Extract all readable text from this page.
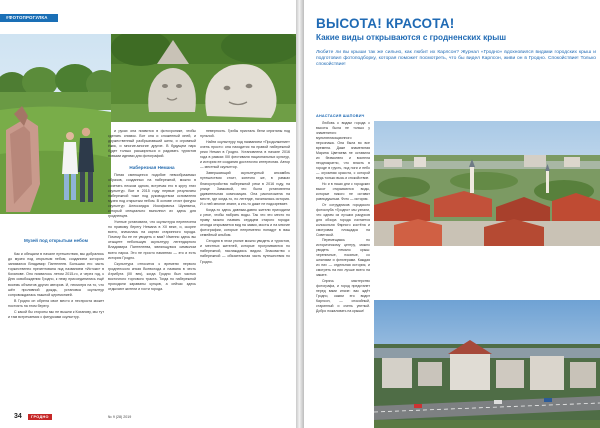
#ФОТОПРОГУЛКА
Музей под открытым небом

Как и обещали в начале путешествия, мы добрались до музея под открытым небом, созданием которого занимался Владимир Пантелеев. Большая его часть торжественно презентована под названием «Истоки» в Коханове. Оно появилось летом 2015-го, и через год, к Дню освобождения Гродно, к нему присоединились ещё восемь объектов других авторов. И, несмотря на то, что шёл проливной дождь, установка скульптур сопровождалась пышной церемонией.

В Гродно он обрела свое место и неспроста может постоять на этом берегу.

С какой бы стороны мы не вышли к Коханову, мы тут и там встречаемся с фигурками скульптур.

и руках она появится в фотохронике, чтобы сделать снимок. Вот она и сложенный иней, и дружественный разбрызгавший шелк, и огромный ёжик, и многие-многие другие. В будущем парк будет только расширяться и радовать туристов новыми идеями для фотографий.

Пятая смеющееся подобие невообразимых образов, созданных на набережной, можно в сочетать песком одною, встречая его в кругу этих скульптур. Все в 2015 году первые результаты набережной тоже под руководством основателя музея под открытым небом. В основе стоят фигуры скульптур Александра Иосифовича Шукевича, который специально выполнил их здесь для гродненцев.

Ученые установили, что скульптура перенесена по правому берегу Немана в XII веке, и, скорее всего, значилась на картах старинного города. Почему бы ее не увидеть и вам? Именно здесь вы отыщете небольшую скульптуру легендарного Владимира Пантелеева, являющуюся символом всего парка. Это не просто памятник — это и есть история Гродно.

Скульптура относится к времени первого гродненского князя Всеволода и названа в честь Атрибута (XII век), когда Гродно был частью восточного торгового тракта. Тогда по набережной проходили караваны купцов, а сейчас здесь отдыхают жители и гости города.

Наберезная Немана

неверность. Грибы присталь бели спрятаны под пульпой.

Найти скульптуру под названием «Продолжение» очень просто: она находится на правой набережной реки Неман в Гродно. Установлена в начале 2016 года в рамках XIII фестиваля национальных культур, и история ее создания достаточно интересная. Автор — местный скульптор.

Завершающий скульптурный ансамбль путешествия стоит, конечно же, в рамках благоустройства набережной реки в 2016 году, на улице Замковой, что была установлена удивительная композиция. Она расположена на месте, где когда-то, по легенде, начиналась история. И о ней многие знают, а кто-то даже не подозревает.

Когда-то здесь давным-давно жители приходили к реке, чтобы набрать воды. Так что это место по праву можно назвать сердцем старого города: отсюда открывается вид на замки, мосты и на многие фотографии, которые непременно попадут в ваш семейный альбом.

Сегодня в этом уголке можно увидеть и туристов, и местных жителей, которые прогуливаются по набережной, наслаждаясь видом. Знакомство с набережной — обязательная часть путешествия по Гродно.

34	ГРОДНО	№ 9 (28) 2019
ВЫСОТА! КРАСОТА!
Какие виды открываются с гродненских крыш
Любите ли вы крыши так же сильно, как любит их Карлсон? Журнал «Гродно» вдохновился видами городских крыш и подготовил фотоподборку, которая поможет посмотреть, что бы видел Карлсон, живи он в Гродно. Спокойствие! Только спокойствие!
АНАСТАСИЯ ШАПОВИЧ

Любовь к видам города с высоты была не только у знаменитого мультипликационного персонажа. Она была во все времена. Даже знаменитая Марина Цветаева не оставила их безмолвно и воспела неоднократно, что власть в городе в грусть, под ноги и небо — огромная красота, с которой ведь только высь и спокойствие.

Но и в наши дни с городских высот открываются виды, которые никого не оставят равнодушным. Фото — история.

От сотрудников городского фотоклуба «Гродно» мы узнали, что одним из лучших ракурсов для обзора города считается колокольня Фарного костёла и смотровая площадка на Советской.

Перемещаясь по историческому центру, можно увидеть немало крыш: черепичные, покатые, со шпилями и флюгерами. Каждая из них — отдельная история, и смотреть на них лучше всего на закате.

Спрячь мастерство фотографа, и город предстанет перед вами иначе: вас ждёт Гродно, каким его видит Карлсон, — спокойный, старинный и очень уютный. Добро пожаловать на крыши!
